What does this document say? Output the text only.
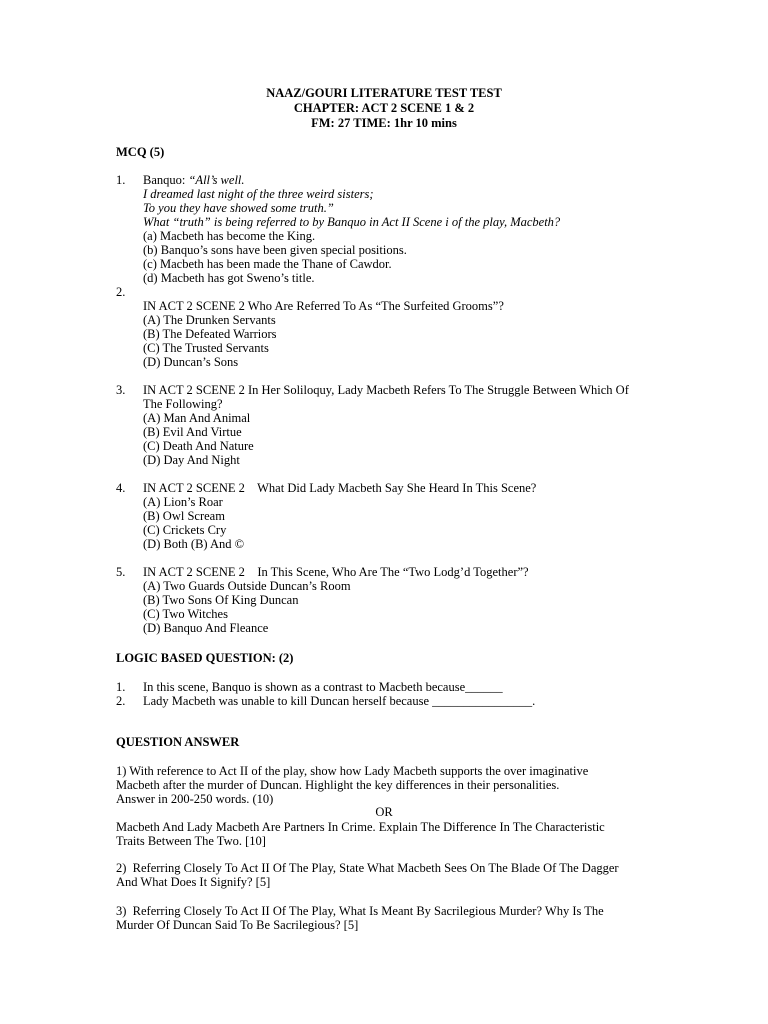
NAAZ/GOURI LITERATURE TEST TEST
CHAPTER: ACT 2 SCENE 1 & 2
FM: 27 TIME: 1hr 10 mins
MCQ (5)
1. Banquo: “All’s well.
I dreamed last night of the three weird sisters;
To you they have showed some truth.”
What “truth” is being referred to by Banquo in Act II Scene i of the play, Macbeth?
(a) Macbeth has become the King.
(b) Banquo’s sons have been given special positions.
(c) Macbeth has been made the Thane of Cawdor.
(d) Macbeth has got Sweno’s title.
2.
IN ACT 2 SCENE 2 Who Are Referred To As “The Surfeited Grooms”?
(A) The Drunken Servants
(B) The Defeated Warriors
(C) The Trusted Servants
(D) Duncan’s Sons
3. IN ACT 2 SCENE 2 In Her Soliloquy, Lady Macbeth Refers To The Struggle Between Which Of
The Following?
(A) Man And Animal
(B) Evil And Virtue
(C) Death And Nature
(D) Day And Night
4. IN ACT 2 SCENE 2    What Did Lady Macbeth Say She Heard In This Scene?
(A) Lion’s Roar
(B) Owl Scream
(C) Crickets Cry
(D) Both (B) And ©
5. IN ACT 2 SCENE 2    In This Scene, Who Are The “Two Lodg’d Together”?
(A) Two Guards Outside Duncan’s Room
(B) Two Sons Of King Duncan
(C) Two Witches
(D) Banquo And Fleance
LOGIC BASED QUESTION: (2)
1. In this scene, Banquo is shown as a contrast to Macbeth because______
2. Lady Macbeth was unable to kill Duncan herself because ________________.
QUESTION ANSWER
1) With reference to Act II of the play, show how Lady Macbeth supports the over imaginative
Macbeth after the murder of Duncan. Highlight the key differences in their personalities.
Answer in 200-250 words. (10)
OR
Macbeth And Lady Macbeth Are Partners In Crime. Explain The Difference In The Characteristic
Traits Between The Two. [10]
2)  Referring Closely To Act II Of The Play, State What Macbeth Sees On The Blade Of The Dagger
And What Does It Signify? [5]
3)  Referring Closely To Act II Of The Play, What Is Meant By Sacrilegious Murder? Why Is The
Murder Of Duncan Said To Be Sacrilegious? [5]
